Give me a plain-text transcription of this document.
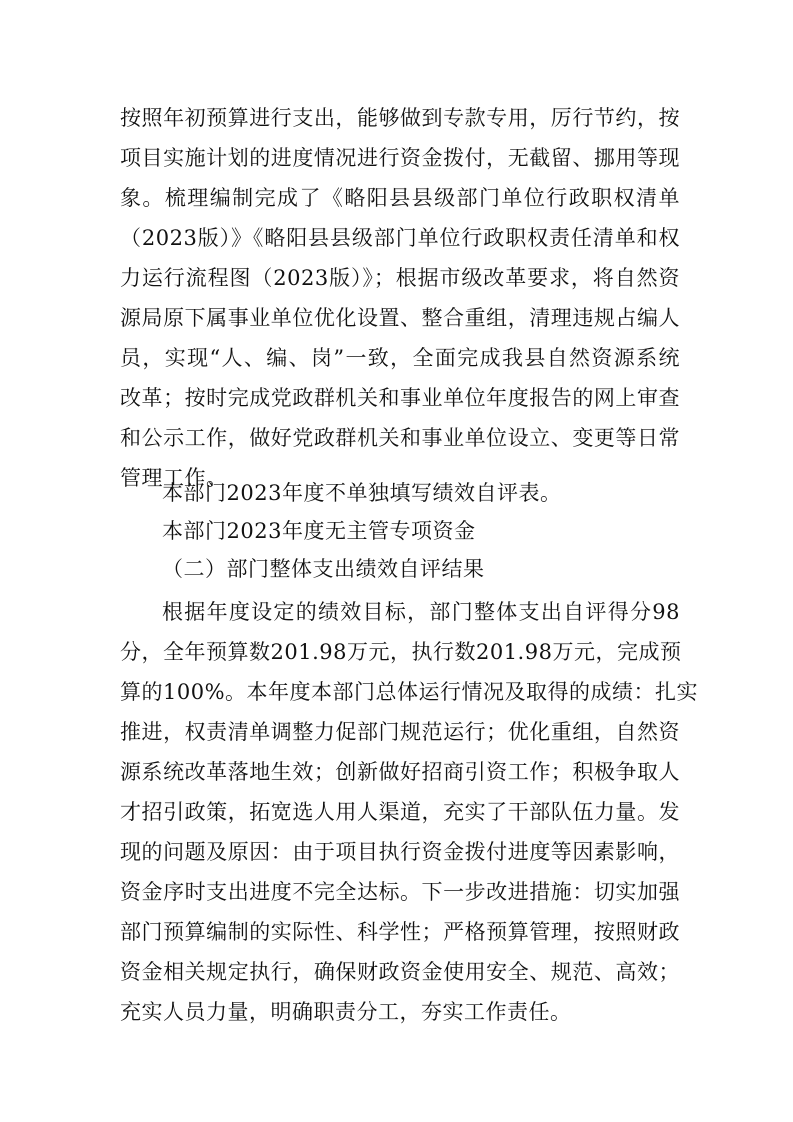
按照年初预算进行支出，能够做到专款专用，厉行节约，按
项目实施计划的进度情况进行资金拨付，无截留、挪用等现
象。梳理编制完成了《略阳县县级部门单位行政职权清单
（2023版）》《略阳县县级部门单位行政职权责任清单和权
力运行流程图（2023版）》；根据市级改革要求，将自然资
源局原下属事业单位优化设置、整合重组，清理违规占编人
员，实现“人、编、岗”一致，全面完成我县自然资源系统
改革；按时完成党政群机关和事业单位年度报告的网上审查
和公示工作，做好党政群机关和事业单位设立、变更等日常
管理工作。
本部门2023年度不单独填写绩效自评表。
本部门2023年度无主管专项资金
（二）部门整体支出绩效自评结果
根据年度设定的绩效目标，部门整体支出自评得分98
分，全年预算数201.98万元，执行数201.98万元，完成预
算的100%。本年度本部门总体运行情况及取得的成绩：扎实
推进，权责清单调整力促部门规范运行；优化重组，自然资
源系统改革落地生效；创新做好招商引资工作；积极争取人
才招引政策，拓宽选人用人渠道，充实了干部队伍力量。发
现的问题及原因：由于项目执行资金拨付进度等因素影响，
资金序时支出进度不完全达标。下一步改进措施：切实加强
部门预算编制的实际性、科学性；严格预算管理，按照财政
资金相关规定执行，确保财政资金使用安全、规范、高效；
充实人员力量，明确职责分工，夯实工作责任。
